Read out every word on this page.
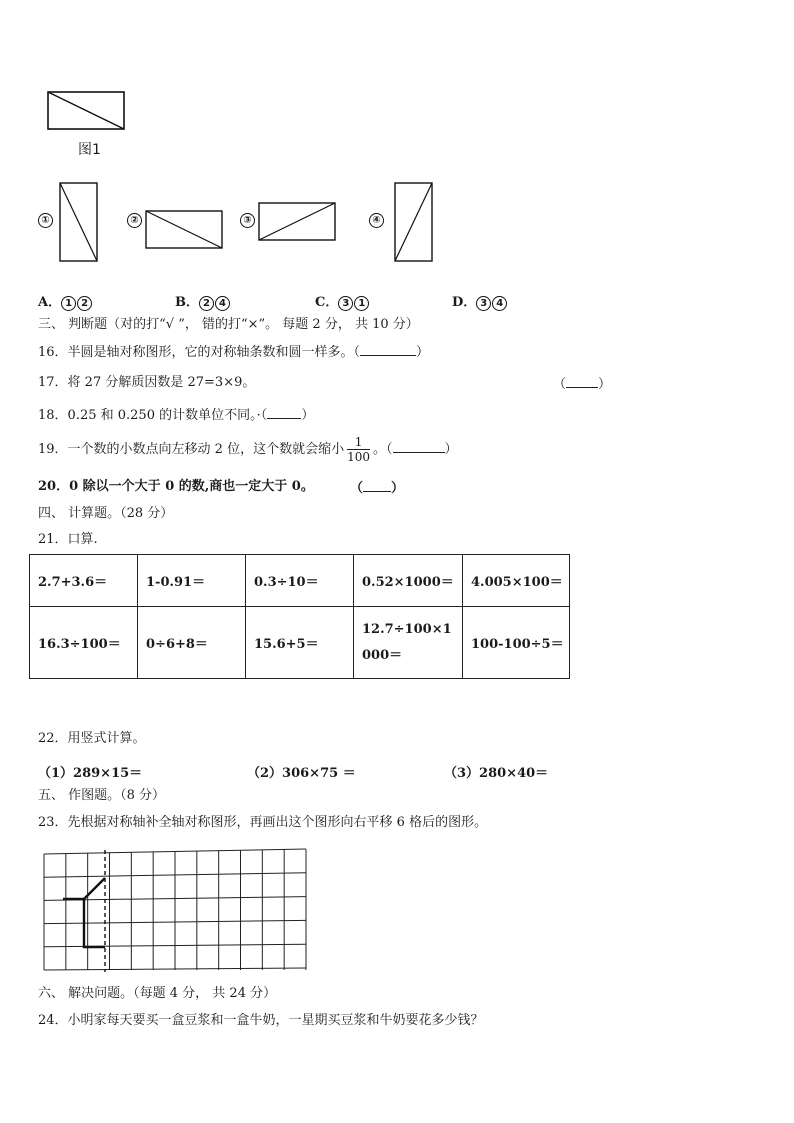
图1
①	②	③	④
A． 1 2	B． 2 4	C． 3 1	D． 3 4
三、 判断题（对的打“√ ”， 错的打“×”。 每题 2 分， 共 10 分）
16．半圆是轴对称图形，它的对称轴条数和圆一样多。（	）
17．将 27 分解质因数是 27=3×9。	（ ）
18．0.25 和 0.250 的计数单位不同。·（	）
19．一个数的小数点向左移动 2 位，这个数就会缩小 $\frac{1}{100}$ 。（	）
20．0 除以一个大于 0 的数,商也一定大于 0。	（ ）
四、 计算题。（28 分）
21．口算.
2.7+3.6＝	1-0.91＝	0.3÷10＝	0.52×1000＝	4.005×100＝
16.3÷100＝	0÷6+8＝	15.6+5＝	12.7÷100×1000＝	100-100÷5＝
22．用竖式计算。
（1）289×15＝	（2）306×75 ＝	（3）280×40＝
五、 作图题。（8 分）
23．先根据对称轴补全轴对称图形，再画出这个图形向右平移 6 格后的图形。
六、 解决问题。（每题 4 分， 共 24 分）
24．小明家每天要买一盒豆浆和一盒牛奶，一星期买豆浆和牛奶要花多少钱？
